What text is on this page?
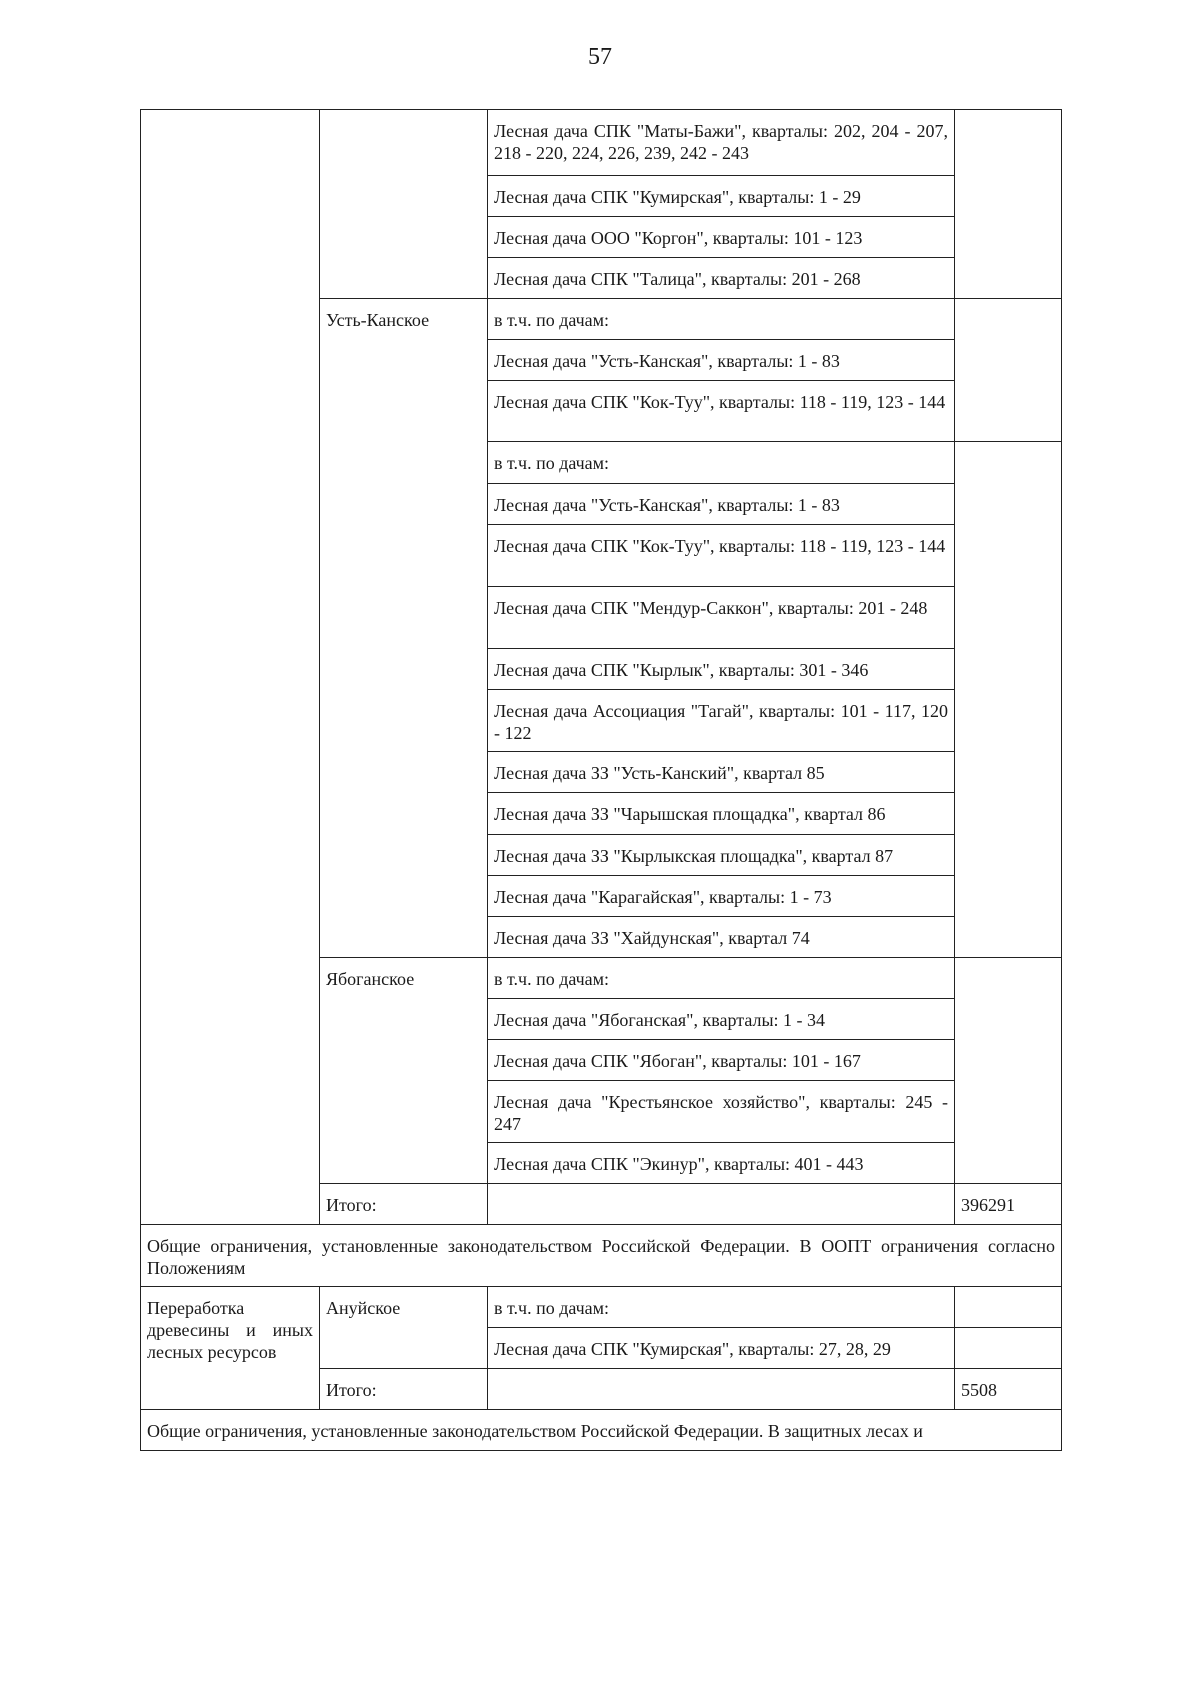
57
		Лесная дача СПК "Маты-Бажи", кварталы: 202, 204 - 207, 218 - 220, 224, 226, 239, 242 - 243	
		Лесная дача СПК "Кумирская", кварталы: 1 - 29	
		Лесная дача ООО "Коргон", кварталы: 101 - 123	
		Лесная дача СПК "Талица", кварталы: 201 - 268	
	Усть-Канское	в т.ч. по дачам:	
		Лесная дача "Усть-Канская", кварталы: 1 - 83	
		Лесная дача СПК "Кок-Туу", кварталы: 118 - 119, 123 - 144	
		в т.ч. по дачам:	
		Лесная дача "Усть-Канская", кварталы: 1 - 83	
		Лесная дача СПК "Кок-Туу", кварталы: 118 - 119, 123 - 144	
		Лесная дача СПК "Мендур-Саккон", кварталы: 201 - 248	
		Лесная дача СПК "Кырлык", кварталы: 301 - 346	
		Лесная дача Ассоциация "Тагай", кварталы: 101 - 117, 120 - 122	
		Лесная дача ЗЗ "Усть-Канский", квартал 85	
		Лесная дача ЗЗ "Чарышская площадка", квартал 86	
		Лесная дача ЗЗ "Кырлыкская площадка", квартал 87	
		Лесная дача "Карагайская", кварталы: 1 - 73	
		Лесная дача ЗЗ "Хайдунская", квартал 74	
	Ябоганское	в т.ч. по дачам:	
		Лесная дача "Ябоганская", кварталы: 1 - 34	
		Лесная дача СПК "Ябоган", кварталы: 101 - 167	
		Лесная дача "Крестьянское хозяйство", кварталы: 245 - 247	
		Лесная дача СПК "Экинур", кварталы: 401 - 443	
	Итого:		396291
Общие ограничения, установленные законодательством Российской Федерации. В ООПТ ограничения согласно Положениям			
Переработка древесины и иных лесных ресурсов	Ануйское	в т.ч. по дачам:	
		Лесная дача СПК "Кумирская", кварталы: 27, 28, 29	
	Итого:		5508
Общие ограничения, установленные законодательством Российской Федерации. В защитных лесах и			
